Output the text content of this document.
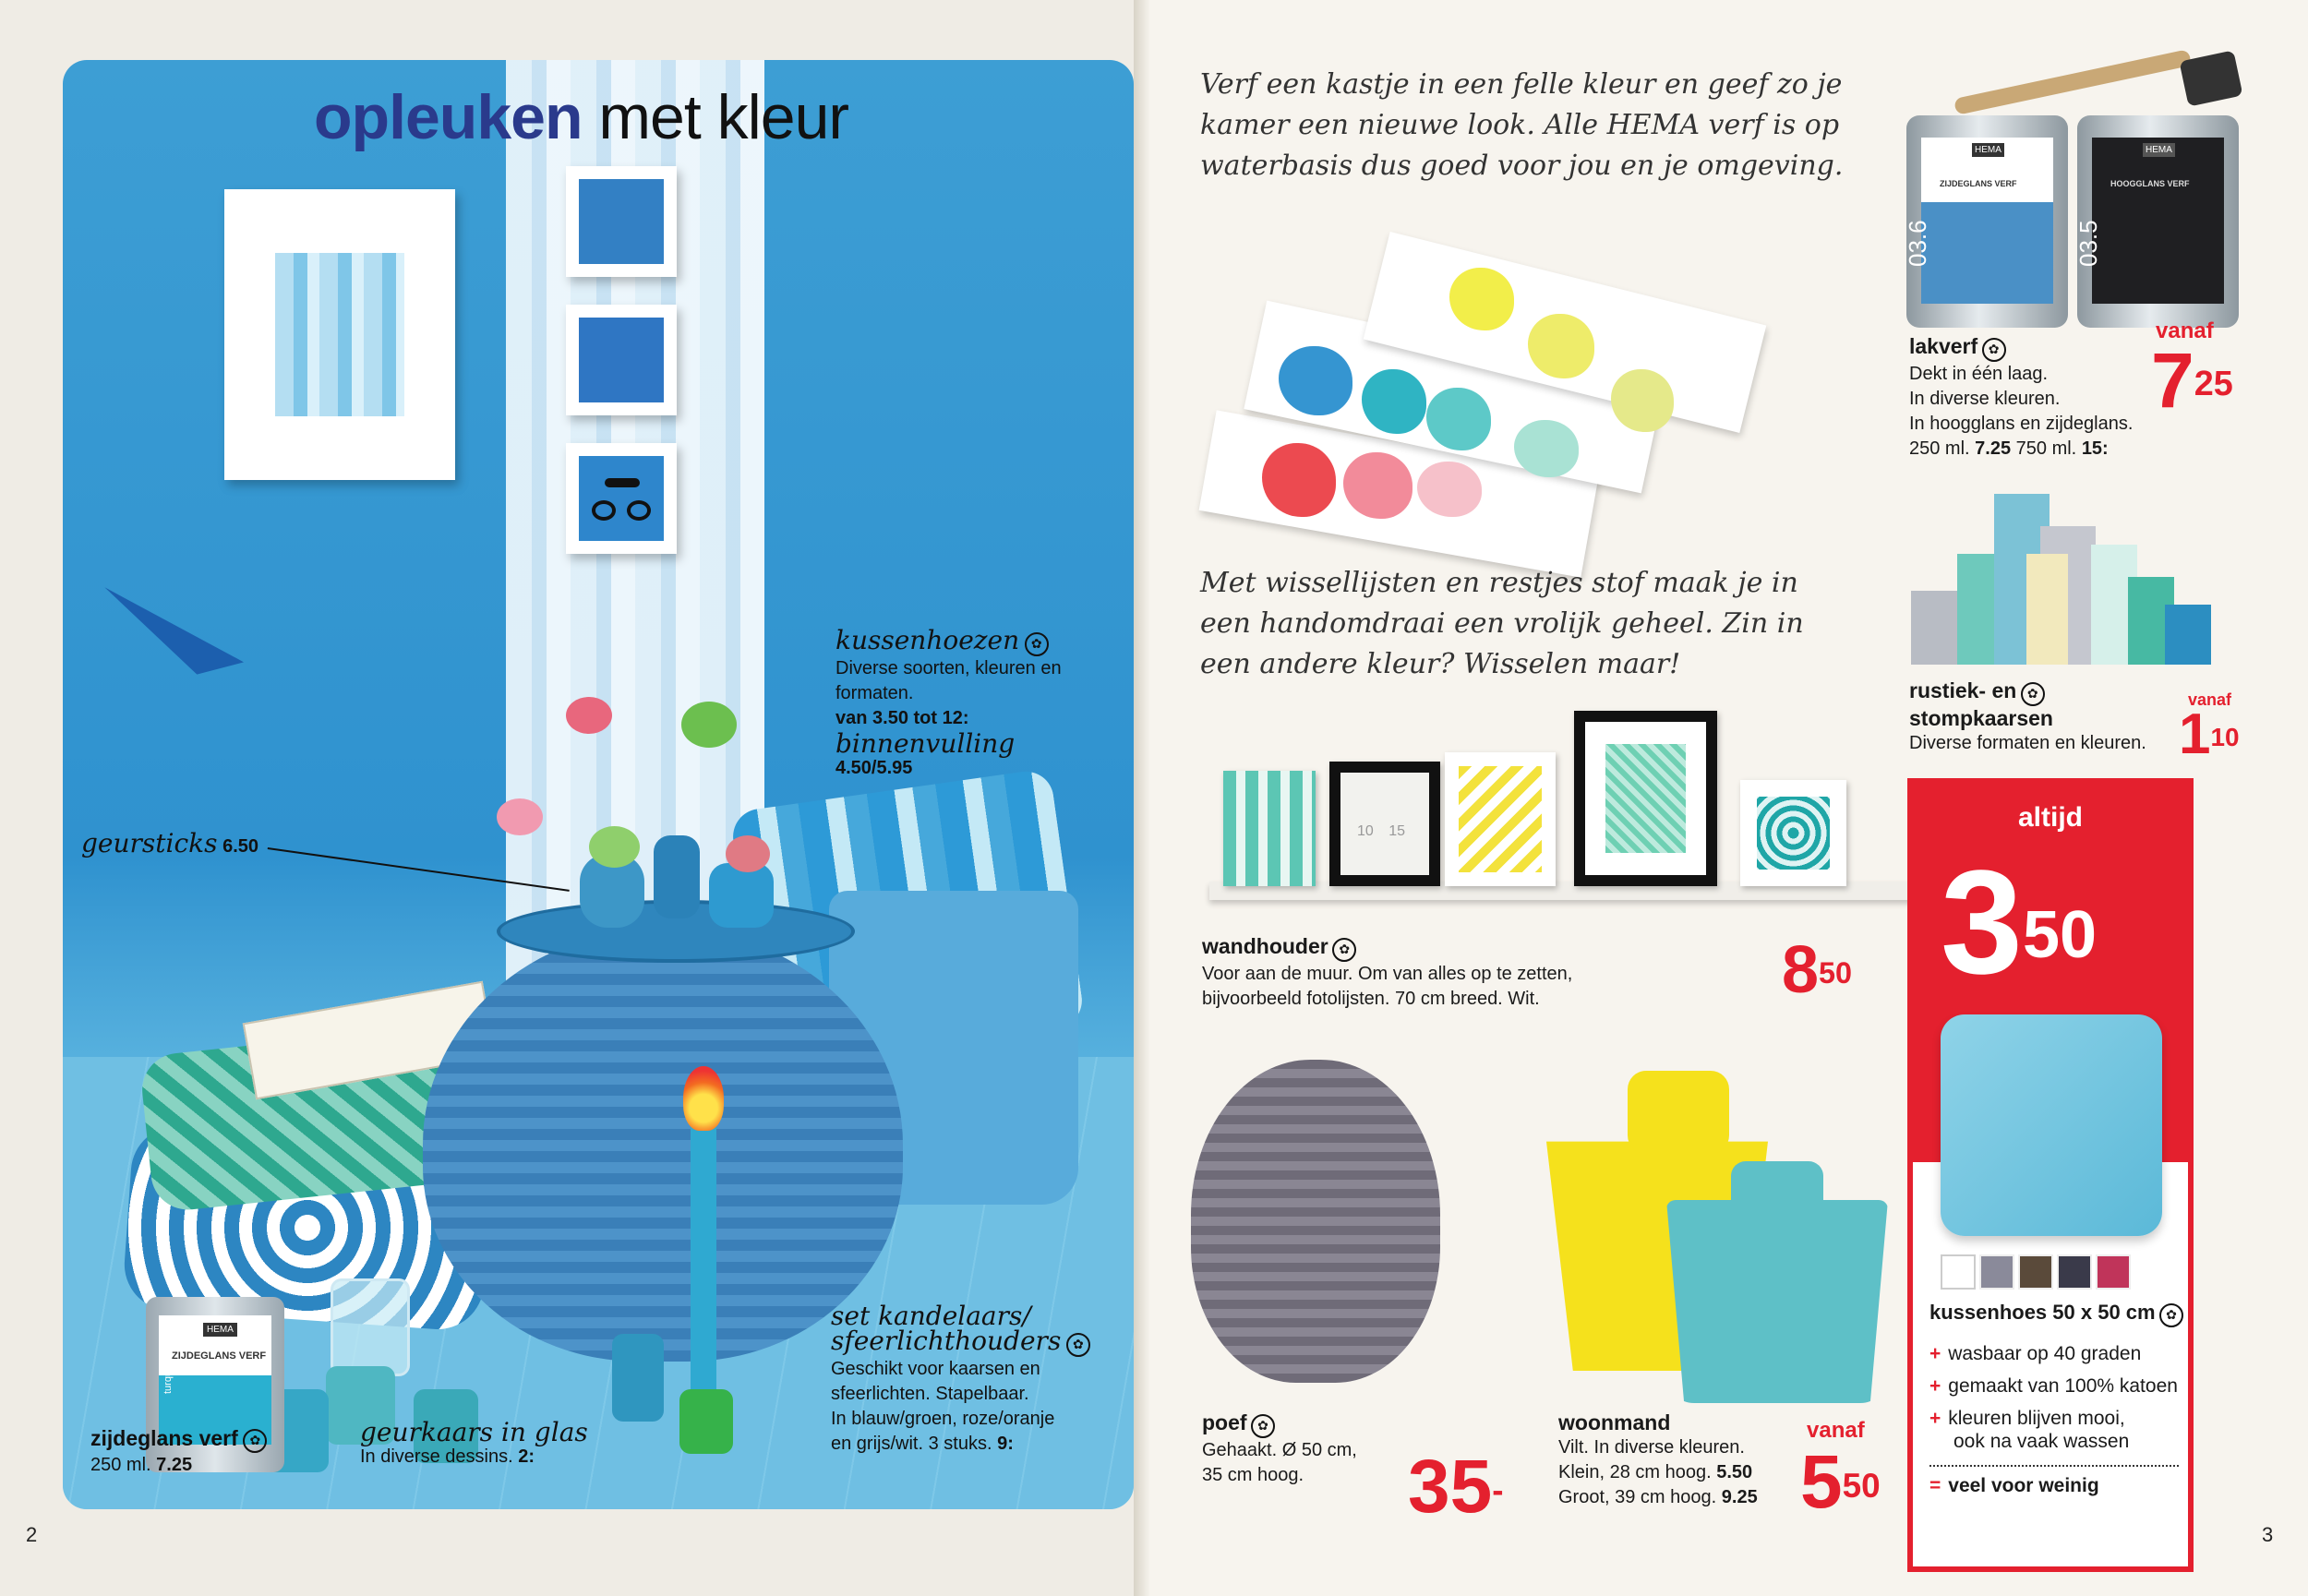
HEMA
ZIJDEGLANS VERF
turquoise
opleuken met kleur
kussenhoezen ✿
Diverse soorten, kleuren en formaten.
van 3.50 tot 12:
binnenvulling
4.50/5.95
geursticks 6.50
zijdeglans verf ✿
250 ml. 7.25
geurkaars in glas
In diverse dessins. 2:
set kandelaars/
sfeerlichthouders ✿
Geschikt voor kaarsen en
sfeerlichten. Stapelbaar.
In blauw/groen, roze/oranje
en grijs/wit. 3 stuks. 9:
2
Verf een kastje in een felle kleur en geef zo je
kamer een nieuwe look. Alle HEMA verf is op
waterbasis dus goed voor jou en je omgeving.	HEMA
ZIJDEGLANS VERF
03.6
HEMA
HOOGGLANS VERF
03.5
lakverf ✿
Dekt in één laag.
In diverse kleuren.
In hoogglans en zijdeglans.
250 ml. 7.25 750 ml. 15:
vanaf
$7^{25}$
rustiek- en ✿
stompkaarsen
Diverse formaten en kleuren.
vanaf
$1^{10}$
Met wissellijsten en restjes stof maak je in
een handomdraai een vrolijk geheel. Zin in
een andere kleur? Wisselen maar!
10 15
wandhouder ✿
Voor aan de muur. Om van alles op te zetten,
bijvoorbeeld fotolijsten. 70 cm breed. Wit.	$8^{50}$
poef ✿
Gehaakt. Ø 50 cm,
35 cm hoog.	35-
woonmand
Vilt. In diverse kleuren.
Klein, 28 cm hoog. 5.50
Groot, 39 cm hoog. 9.25
vanaf
$5^{50}$
3
altijd
$3^{50}$
kussenhoes 50 x 50 cm ✿
+ wasbaar op 40 graden
+ gemaakt van 100% katoen
+ kleuren blijven mooi,
ook na vaak wassen
= veel voor weinig
